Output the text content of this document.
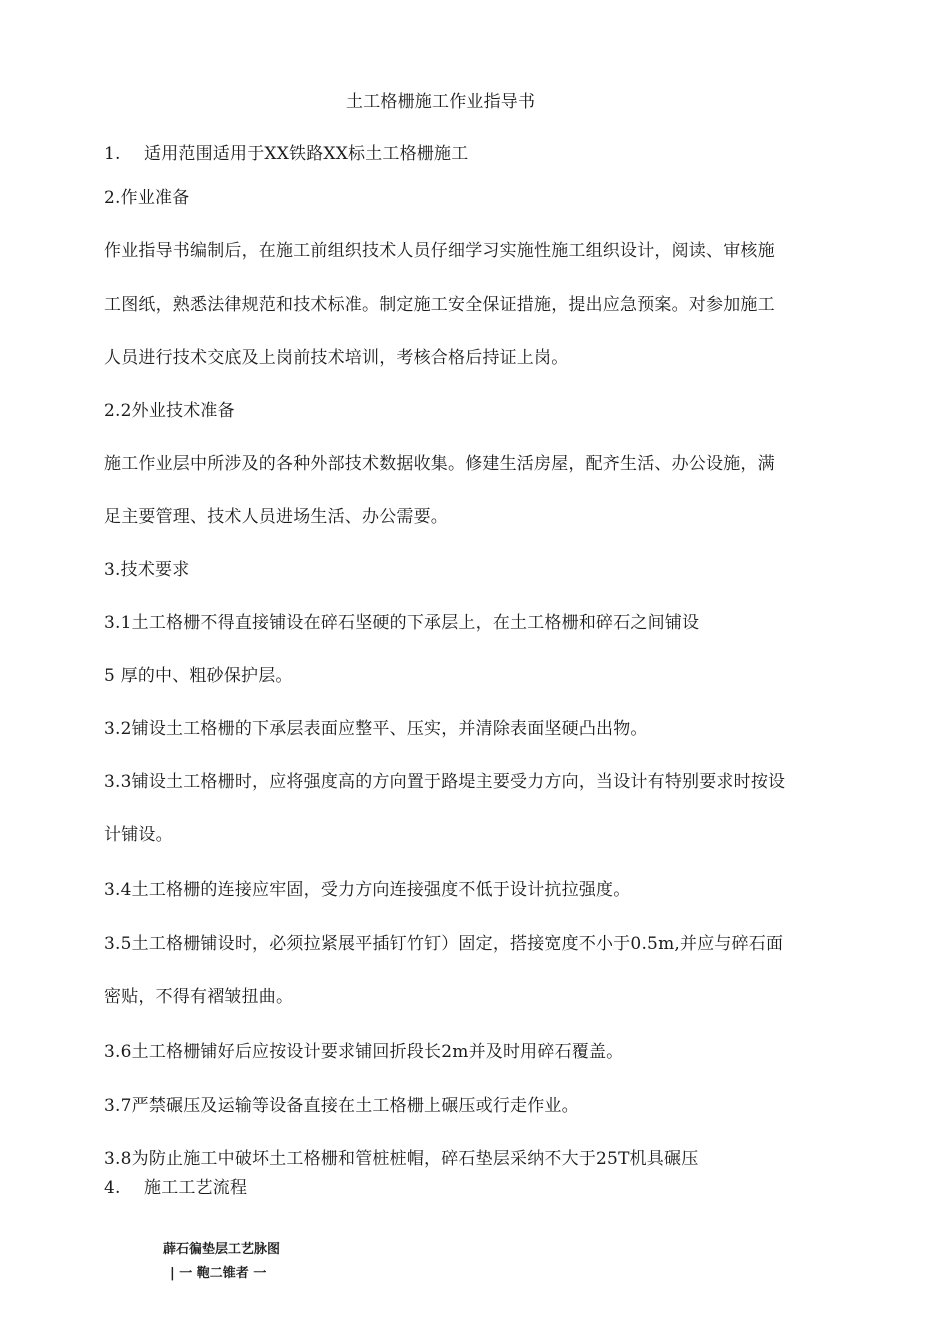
土工格栅施工作业指导书
1. 适用范围适用于XX铁路XX标土工格栅施工
2.作业准备
作业指导书编制后，在施工前组织技术人员仔细学习实施性施工组织设计，阅读、审核施
工图纸，熟悉法律规范和技术标准。制定施工安全保证措施，提出应急预案。对参加施工
人员进行技术交底及上岗前技术培训，考核合格后持证上岗。
2.2外业技术准备
施工作业层中所涉及的各种外部技术数据收集。修建生活房屋，配齐生活、办公设施，满
足主要管理、技术人员进场生活、办公需要。
3.技术要求
3.1土工格栅不得直接铺设在碎石坚硬的下承层上，在土工格栅和碎石之间铺设
5 厚的中、粗砂保护层。
3.2铺设土工格栅的下承层表面应整平、压实，并清除表面坚硬凸出物。
3.3铺设土工格栅时，应将强度高的方向置于路堤主要受力方向，当设计有特别要求时按设
计铺设。
3.4土工格栅的连接应牢固，受力方向连接强度不低于设计抗拉强度。
3.5土工格栅铺设时，必须拉紧展平插钉竹钉）固定，搭接宽度不小于0.5m,并应与碎石面
密贴，不得有褶皱扭曲。
3.6土工格栅铺好后应按设计要求铺回折段长2m并及时用碎石覆盖。
3.7严禁碾压及运输等设备直接在土工格栅上碾压或行走作业。
3.8为防止施工中破坏土工格栅和管桩桩帽，碎石垫层采纳不大于25T机具碾压
4. 施工工艺流程
薜石徧垫层工艺脉图
| 一 鞄二锥者 一
